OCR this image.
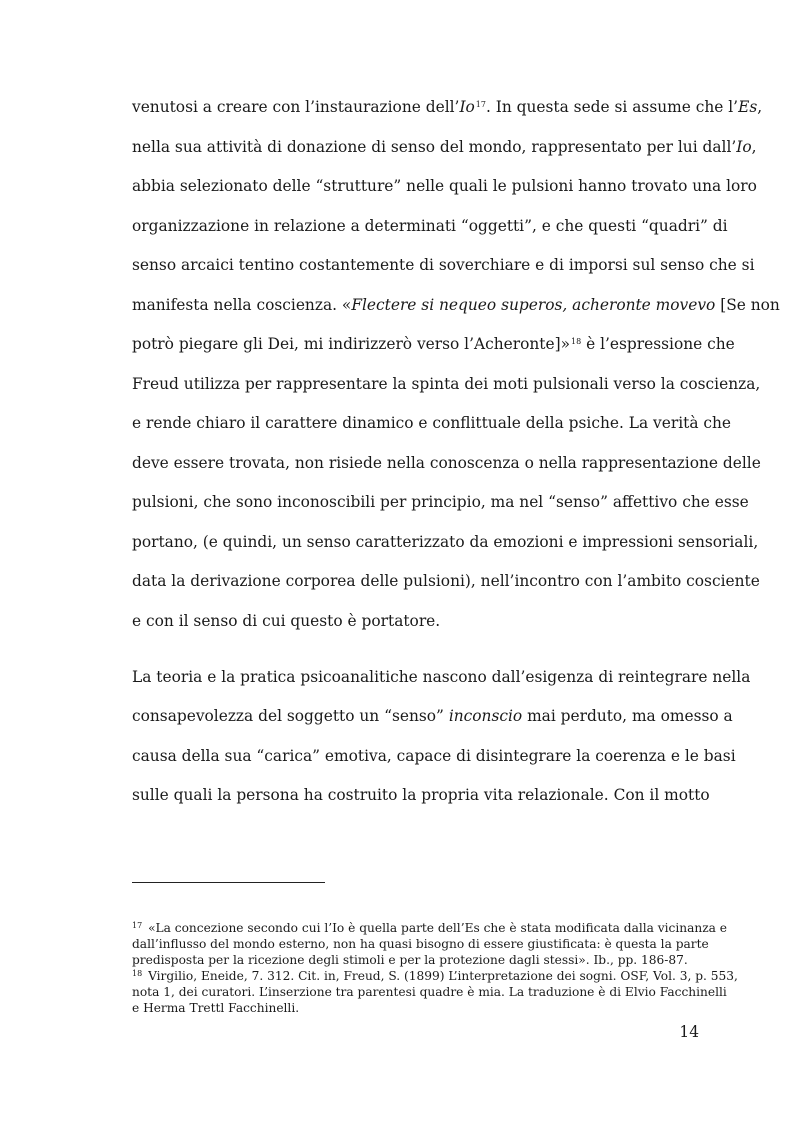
venutosi a creare con l’instaurazione dell’Io$^{17}$. In questa sede si assume che l’Es,
nella sua attività di donazione di senso del mondo, rappresentato per lui dall’Io,
abbia selezionato delle “strutture” nelle quali le pulsioni hanno trovato una loro
organizzazione in relazione a determinati “oggetti”, e che questi “quadri” di
senso arcaici tentino costantemente di soverchiare e di imporsi sul senso che si
manifesta nella coscienza. «Flectere si nequeo superos, acheronte movevo [Se non
potrò piegare gli Dei, mi indirizzerò verso l’Acheronte]»$^{18}$ è l’espressione che
Freud utilizza per rappresentare la spinta dei moti pulsionali verso la coscienza,
e rende chiaro il carattere dinamico e conflittuale della psiche. La verità che
deve essere trovata, non risiede nella conoscenza o nella rappresentazione delle
pulsioni, che sono inconoscibili per principio, ma nel “senso” affettivo che esse
portano, (e quindi, un senso caratterizzato da emozioni e impressioni sensoriali,
data la derivazione corporea delle pulsioni), nell’incontro con l’ambito cosciente
e con il senso di cui questo è portatore.
La teoria e la pratica psicoanalitiche nascono dall’esigenza di reintegrare nella
consapevolezza del soggetto un “senso” inconscio mai perduto, ma omesso a
causa della sua “carica” emotiva, capace di disintegrare la coerenza e le basi
sulle quali la persona ha costruito la propria vita relazionale. Con il motto
$^{17}$ «La concezione secondo cui l’Io è quella parte dell’Es che è stata modificata dalla vicinanza e
dall’influsso del mondo esterno, non ha quasi bisogno di essere giustificata: è questa la parte
predisposta per la ricezione degli stimoli e per la protezione dagli stessi». Ib., pp. 186-87.
$^{18}$ Virgilio, Eneide, 7. 312. Cit. in, Freud, S. (1899) L’interpretazione dei sogni. OSF, Vol. 3, p. 553,
nota 1, dei curatori. L’inserzione tra parentesi quadre è mia. La traduzione è di Elvio Facchinelli
e Herma Trettl Facchinelli.
14
